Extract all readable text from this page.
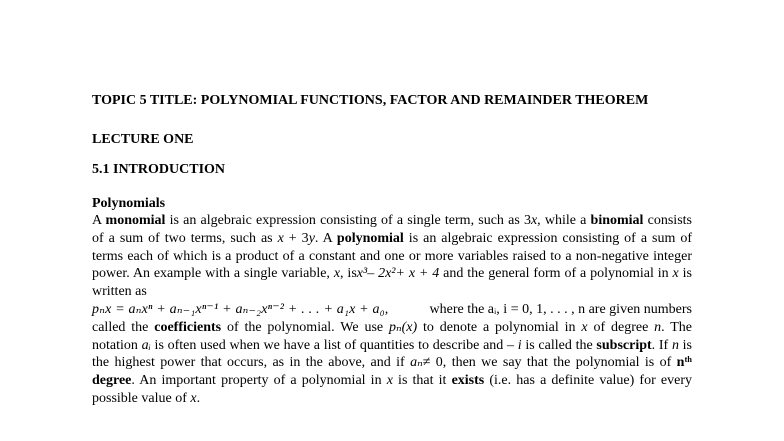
TOPIC 5 TITLE: POLYNOMIAL FUNCTIONS, FACTOR AND REMAINDER THEOREM

LECTURE ONE

5.1 INTRODUCTION

Polynomials

A monomial is an algebraic expression consisting of a single term, such as 3x, while a binomial consists of a sum of two terms, such as x + 3y. A polynomial is an algebraic expression consisting of a sum of terms each of which is a product of a constant and one or more variables raised to a non-negative integer power. An example with a single variable, x, isx³– 2x²+ x + 4 and the general form of a polynomial in x is written as

pₙx = aₙxⁿ + aₙ₋₁xⁿ⁻¹ + aₙ₋₂xⁿ⁻² + . . . + a₁x + a₀,	where the aᵢ, i = 0, 1, . . . , n are given numbers

called the coefficients of the polynomial. We use pₙ(x) to denote a polynomial in x of degree n. The notation aᵢ is often used when we have a list of quantities to describe and – i is called the subscript. If n is the highest power that occurs, as in the above, and if aₙ≠ 0, then we say that the polynomial is of nᵗʰ degree. An important property of a polynomial in x is that it exists (i.e. has a definite value) for every possible value of x.
